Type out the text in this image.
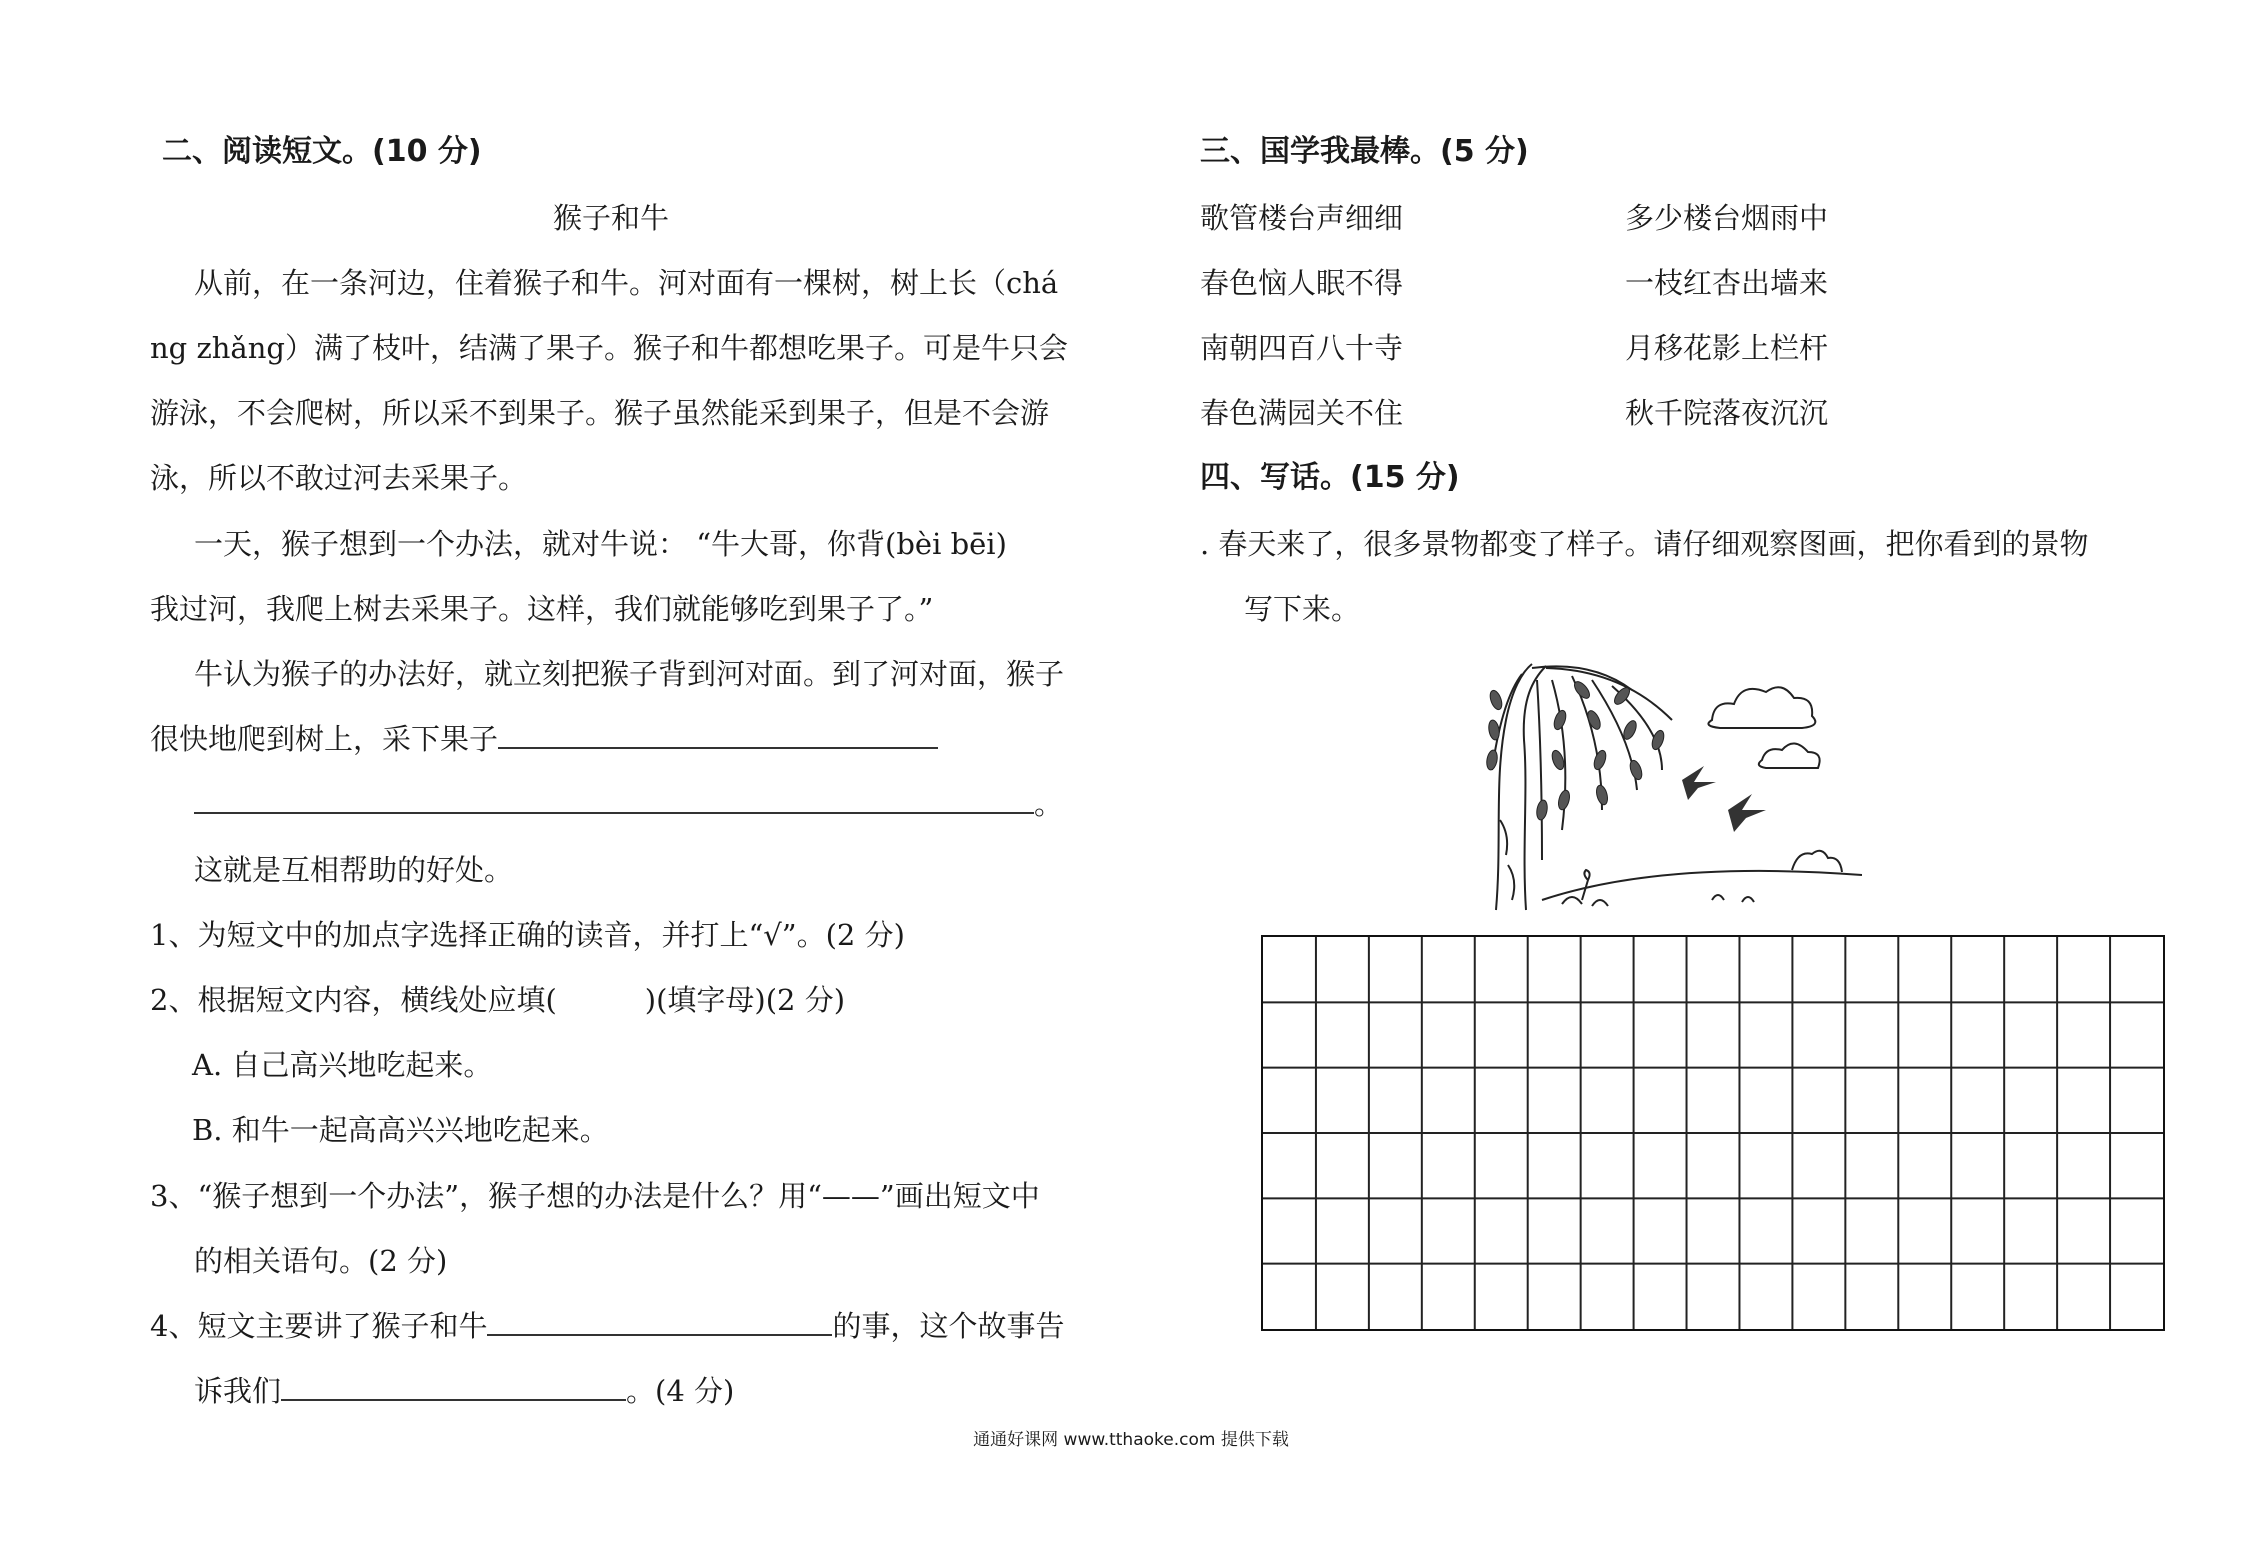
二、阅读短文。(10 分)
猴子和牛
从前，在一条河边，住着猴子和牛。河对面有一棵树，树上长（chá
ng zhǎng）满了枝叶，结满了果子。猴子和牛都想吃果子。可是牛只会
游泳，不会爬树，所以采不到果子。猴子虽然能采到果子，但是不会游
泳，所以不敢过河去采果子。
一天，猴子想到一个办法，就对牛说： “牛大哥，你背(bèi bēi)
我过河，我爬上树去采果子。这样，我们就能够吃到果子了。”
牛认为猴子的办法好，就立刻把猴子背到河对面。到了河对面，猴子
很快地爬到树上，采下果子
。
这就是互相帮助的好处。
1、为短文中的加点字选择正确的读音，并打上“√”。(2 分)
2、根据短文内容，横线处应填(	)(填字母)(2 分)
A. 自己高兴地吃起来。
B. 和牛一起高高兴兴地吃起来。
3、“猴子想到一个办法”，猴子想的办法是什么？用“——”画出短文中
的相关语句。(2 分)
4、短文主要讲了猴子和牛	的事，这个故事告
诉我们	。(4 分)
三、国学我最棒。(5 分)
歌管楼台声细细	多少楼台烟雨中
春色恼人眠不得	一枝红杏出墙来
南朝四百八十寺	月移花影上栏杆
春色满园关不住	秋千院落夜沉沉
四、写话。(15 分)
. 春天来了，很多景物都变了样子。请仔细观察图画，把你看到的景物
写下来。
通通好课网 www.tthaoke.com 提供下载
